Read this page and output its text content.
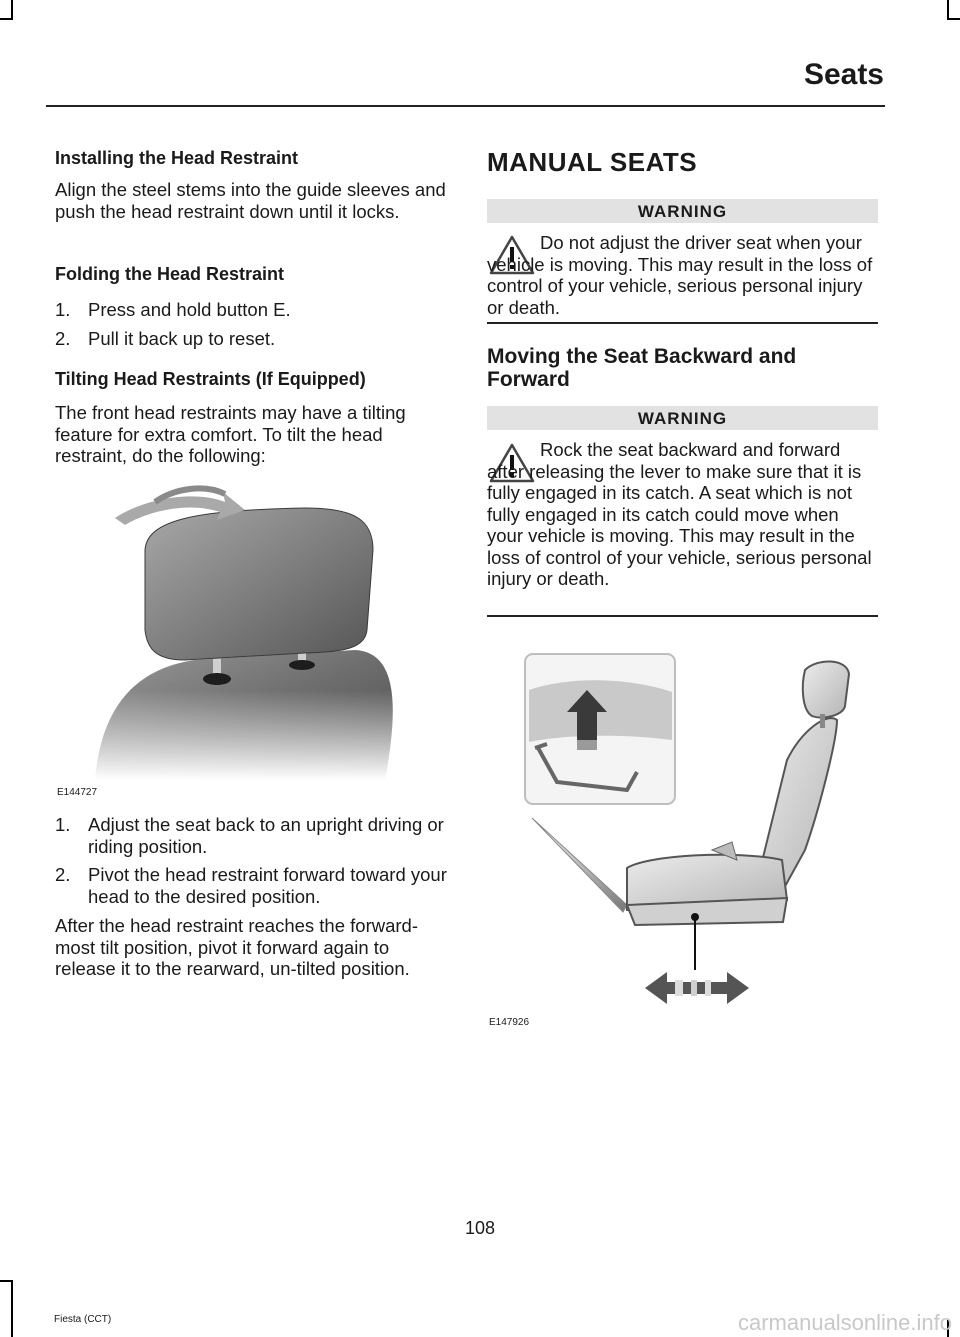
Seats
Installing the Head Restraint
Align the steel stems into the guide sleeves and push the head restraint down until it locks.
Folding the Head Restraint
1. Press and hold button E.
2. Pull it back up to reset.
Tilting Head Restraints (If Equipped)
The front head restraints may have a tilting feature for extra comfort. To tilt the head restraint, do the following:
E144727
1. Adjust the seat back to an upright driving or riding position.
2. Pivot the head restraint forward toward your head to the desired position.
After the head restraint reaches the forward-most tilt position, pivot it forward again to release it to the rearward, un-tilted position.
MANUAL SEATS
WARNING
Do not adjust the driver seat when your vehicle is moving. This may result in the loss of control of your vehicle, serious personal injury or death.
Moving the Seat Backward and Forward
WARNING
Rock the seat backward and forward after releasing the lever to make sure that it is fully engaged in its catch. A seat which is not fully engaged in its catch could move when your vehicle is moving. This may result in the loss of control of your vehicle, serious personal injury or death.
E147926
108
Fiesta (CCT)	carmanualsonline.info
